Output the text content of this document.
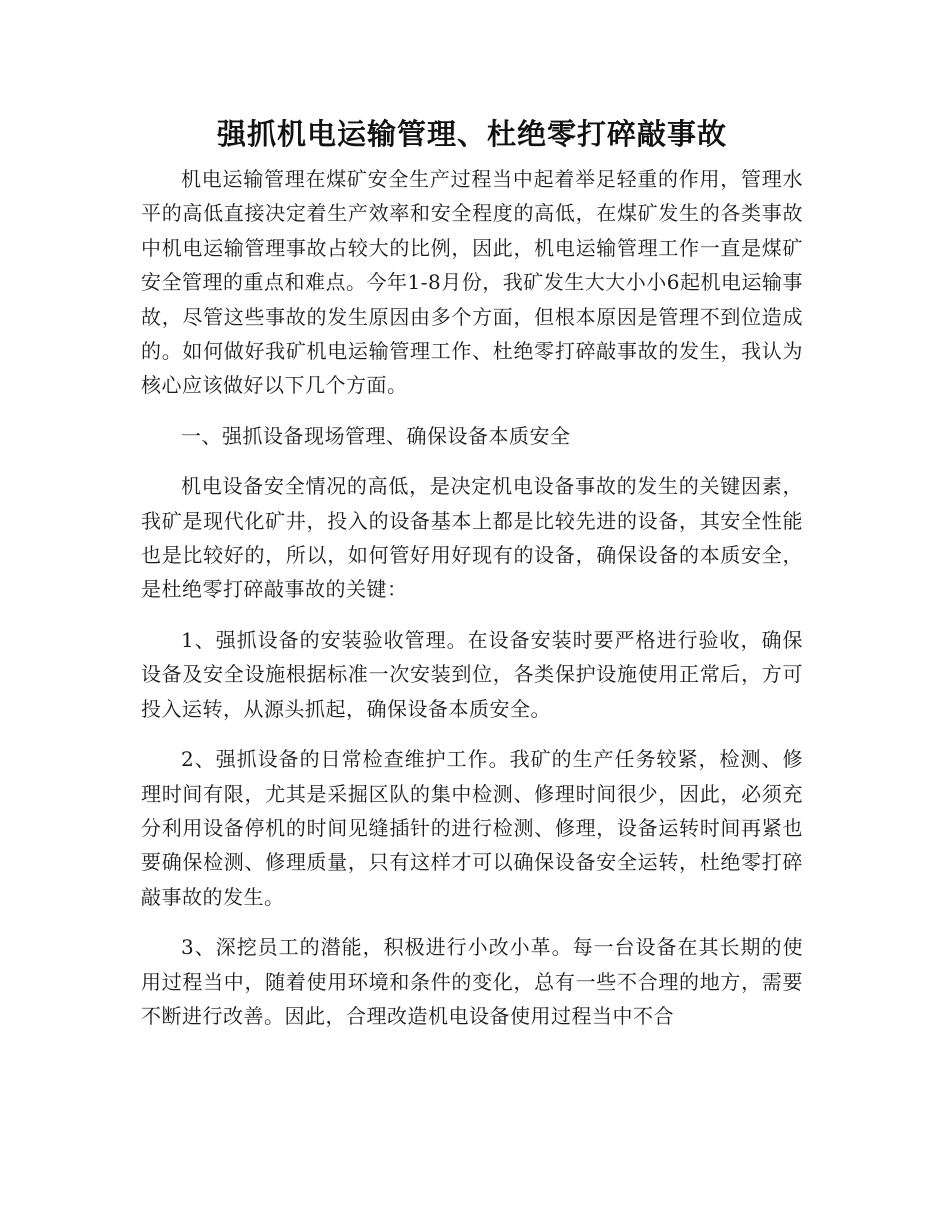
强抓机电运输管理、杜绝零打碎敲事故

机电运输管理在煤矿安全生产过程当中起着举足轻重的作用，管理水平的高低直接决定着生产效率和安全程度的高低，在煤矿发生的各类事故中机电运输管理事故占较大的比例，因此，机电运输管理工作一直是煤矿安全管理的重点和难点。今年1-8月份，我矿发生大大小小6起机电运输事故，尽管这些事故的发生原因由多个方面，但根本原因是管理不到位造成的。如何做好我矿机电运输管理工作、杜绝零打碎敲事故的发生，我认为核心应该做好以下几个方面。

一、强抓设备现场管理、确保设备本质安全

机电设备安全情况的高低，是决定机电设备事故的发生的关键因素，我矿是现代化矿井，投入的设备基本上都是比较先进的设备，其安全性能也是比较好的，所以，如何管好用好现有的设备，确保设备的本质安全，是杜绝零打碎敲事故的关键：

1、强抓设备的安装验收管理。在设备安装时要严格进行验收，确保设备及安全设施根据标准一次安装到位，各类保护设施使用正常后，方可投入运转，从源头抓起，确保设备本质安全。

2、强抓设备的日常检查维护工作。我矿的生产任务较紧，检测、修理时间有限，尤其是采掘区队的集中检测、修理时间很少，因此，必须充分利用设备停机的时间见缝插针的进行检测、修理，设备运转时间再紧也要确保检测、修理质量，只有这样才可以确保设备安全运转，杜绝零打碎敲事故的发生。

3、深挖员工的潜能，积极进行小改小革。每一台设备在其长期的使用过程当中，随着使用环境和条件的变化，总有一些不合理的地方，需要不断进行改善。因此，合理改造机电设备使用过程当中不合
